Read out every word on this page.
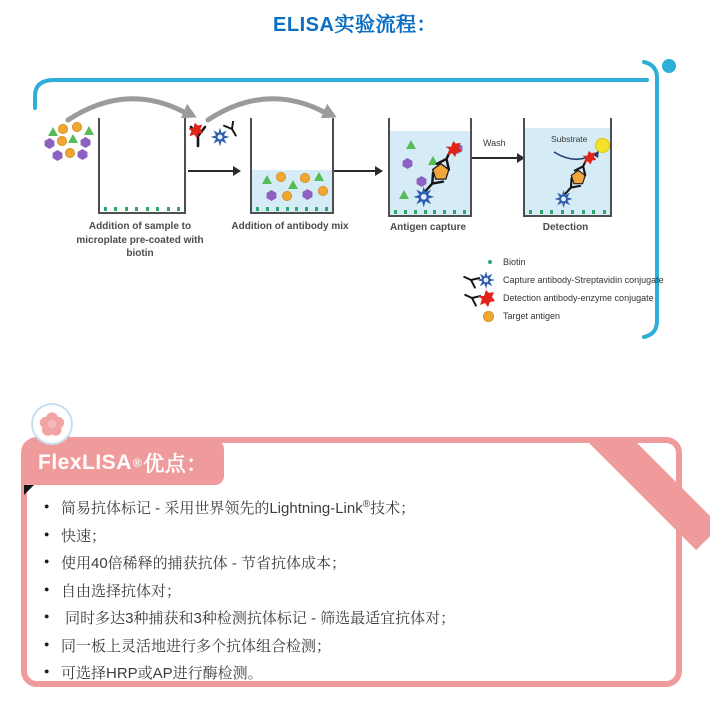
ELISA实验流程：
Addition of sample to microplate pre-coated with biotin
Addition of antibody mix	Antigen capture
Wash	Substrate
Detection
Biotin
Capture antibody-Streptavidin conjugate
Detection antibody-enzyme conjugate
Target antigen
FlexLISA ® 优点：
● 简易抗体标记 - 采用世界领先的Lightning-Link®技术；
● 快速；
● 使用40倍稀释的捕获抗体 - 节省抗体成本；
● 自由选择抗体对；
●  同时多达3种捕获和3种检测抗体标记 - 筛选最适宜抗体对；
● 同一板上灵活地进行多个抗体组合检测；
● 可选择HRP或AP进行酶检测。
